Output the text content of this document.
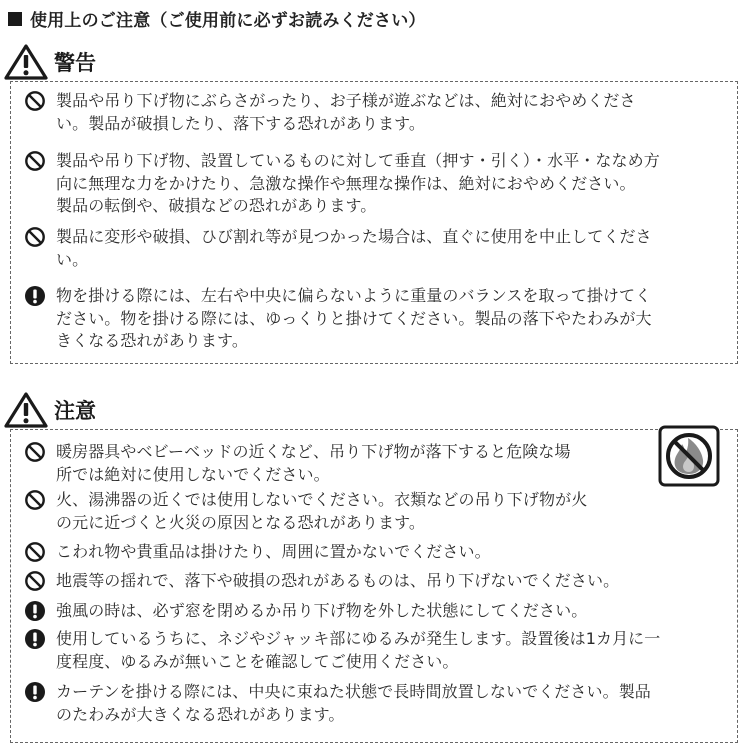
使用上のご注意（ご使用前に必ずお読みください）
警告
製品や吊り下げ物にぶらさがったり、お子様が遊ぶなどは、絶対におやめくださ
い。製品が破損したり、落下する恐れがあります。
製品や吊り下げ物、設置しているものに対して垂直（押す・引く）・水平・ななめ方
向に無理な力をかけたり、急激な操作や無理な操作は、絶対におやめください。
製品の転倒や、破損などの恐れがあります。
製品に変形や破損、ひび割れ等が見つかった場合は、直ぐに使用を中止してくださ
い。
物を掛ける際には、左右や中央に偏らないように重量のバランスを取って掛けてく
ださい。物を掛ける際には、ゆっくりと掛けてください。製品の落下やたわみが大
きくなる恐れがあります。
注意
暖房器具やベビーベッドの近くなど、吊り下げ物が落下すると危険な場
所では絶対に使用しないでください。
火、湯沸器の近くでは使用しないでください。衣類などの吊り下げ物が火
の元に近づくと火災の原因となる恐れがあります。
こわれ物や貴重品は掛けたり、周囲に置かないでください。
地震等の揺れで、落下や破損の恐れがあるものは、吊り下げないでください。
強風の時は、必ず窓を閉めるか吊り下げ物を外した状態にしてください。
使用しているうちに、ネジやジャッキ部にゆるみが発生します。設置後は1カ月に一
度程度、ゆるみが無いことを確認してご使用ください。
カーテンを掛ける際には、中央に束ねた状態で長時間放置しないでください。製品
のたわみが大きくなる恐れがあります。
